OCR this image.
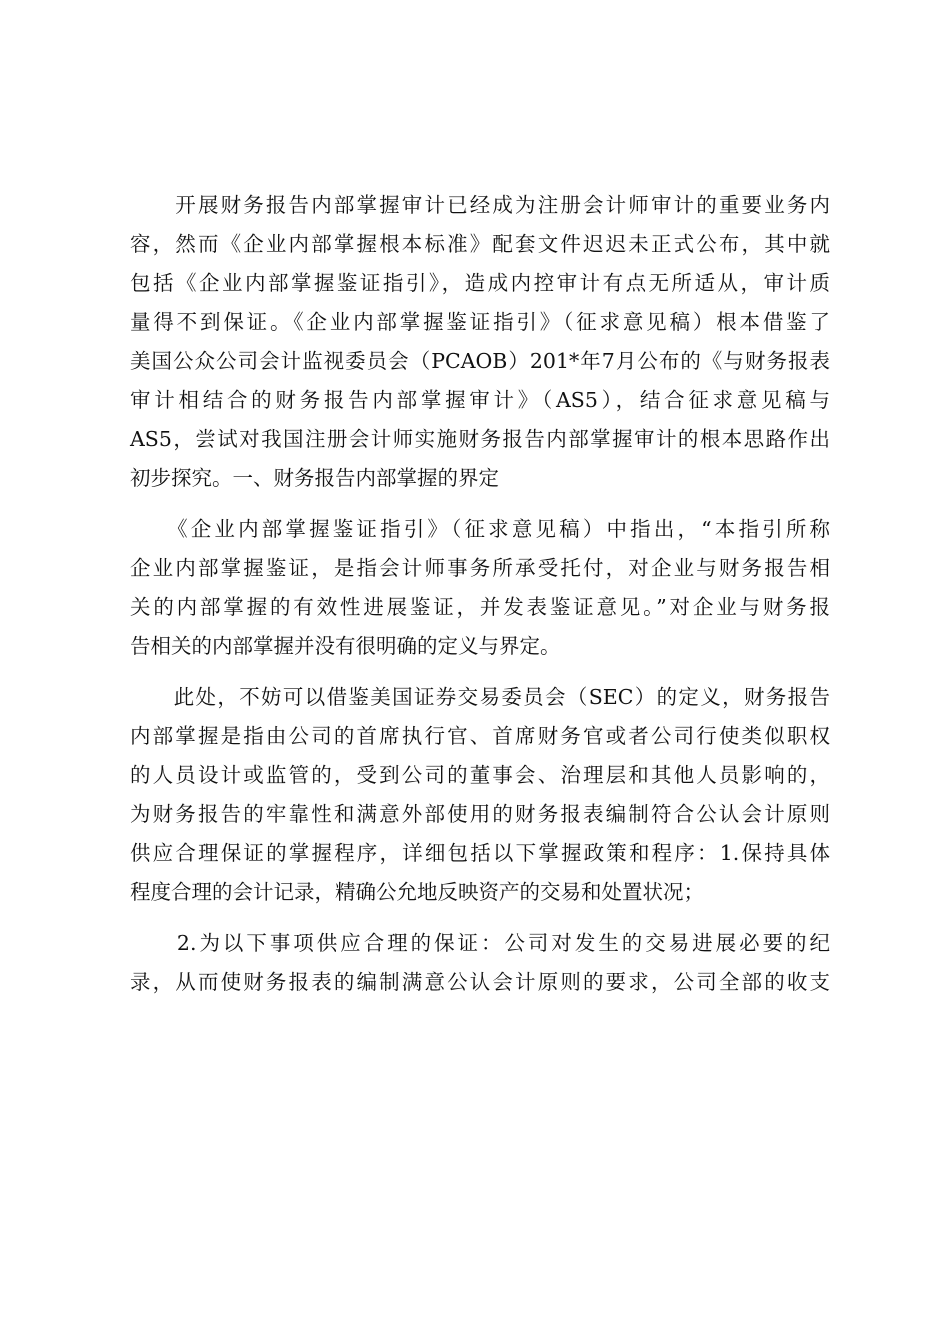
　　开展财务报告内部掌握审计已经成为注册会计师审计的重要业务内
容，然而《企业内部掌握根本标准》配套文件迟迟未正式公布，其中就
包括《企业内部掌握鉴证指引》，造成内控审计有点无所适从，审计质
量得不到保证。《企业内部掌握鉴证指引》（征求意见稿）根本借鉴了
美国公众公司会计监视委员会（PCAOB）201*年7月公布的《与财务报表
审计相结合的财务报告内部掌握审计》（AS5），结合征求意见稿与
AS5，尝试对我国注册会计师实施财务报告内部掌握审计的根本思路作出
初步探究。一、财务报告内部掌握的界定
　　《企业内部掌握鉴证指引》（征求意见稿）中指出，“本指引所称
企业内部掌握鉴证，是指会计师事务所承受托付，对企业与财务报告相
关的内部掌握的有效性进展鉴证，并发表鉴证意见。”对企业与财务报
告相关的内部掌握并没有很明确的定义与界定。
　　此处，不妨可以借鉴美国证券交易委员会（SEC）的定义，财务报告
内部掌握是指由公司的首席执行官、首席财务官或者公司行使类似职权
的人员设计或监管的，受到公司的董事会、治理层和其他人员影响的，
为财务报告的牢靠性和满意外部使用的财务报表编制符合公认会计原则
供应合理保证的掌握程序，详细包括以下掌握政策和程序：1.保持具体
程度合理的会计记录，精确公允地反映资产的交易和处置状况；
　　2.为以下事项供应合理的保证：公司对发生的交易进展必要的纪
录，从而使财务报表的编制满意公认会计原则的要求，公司全部的收支
